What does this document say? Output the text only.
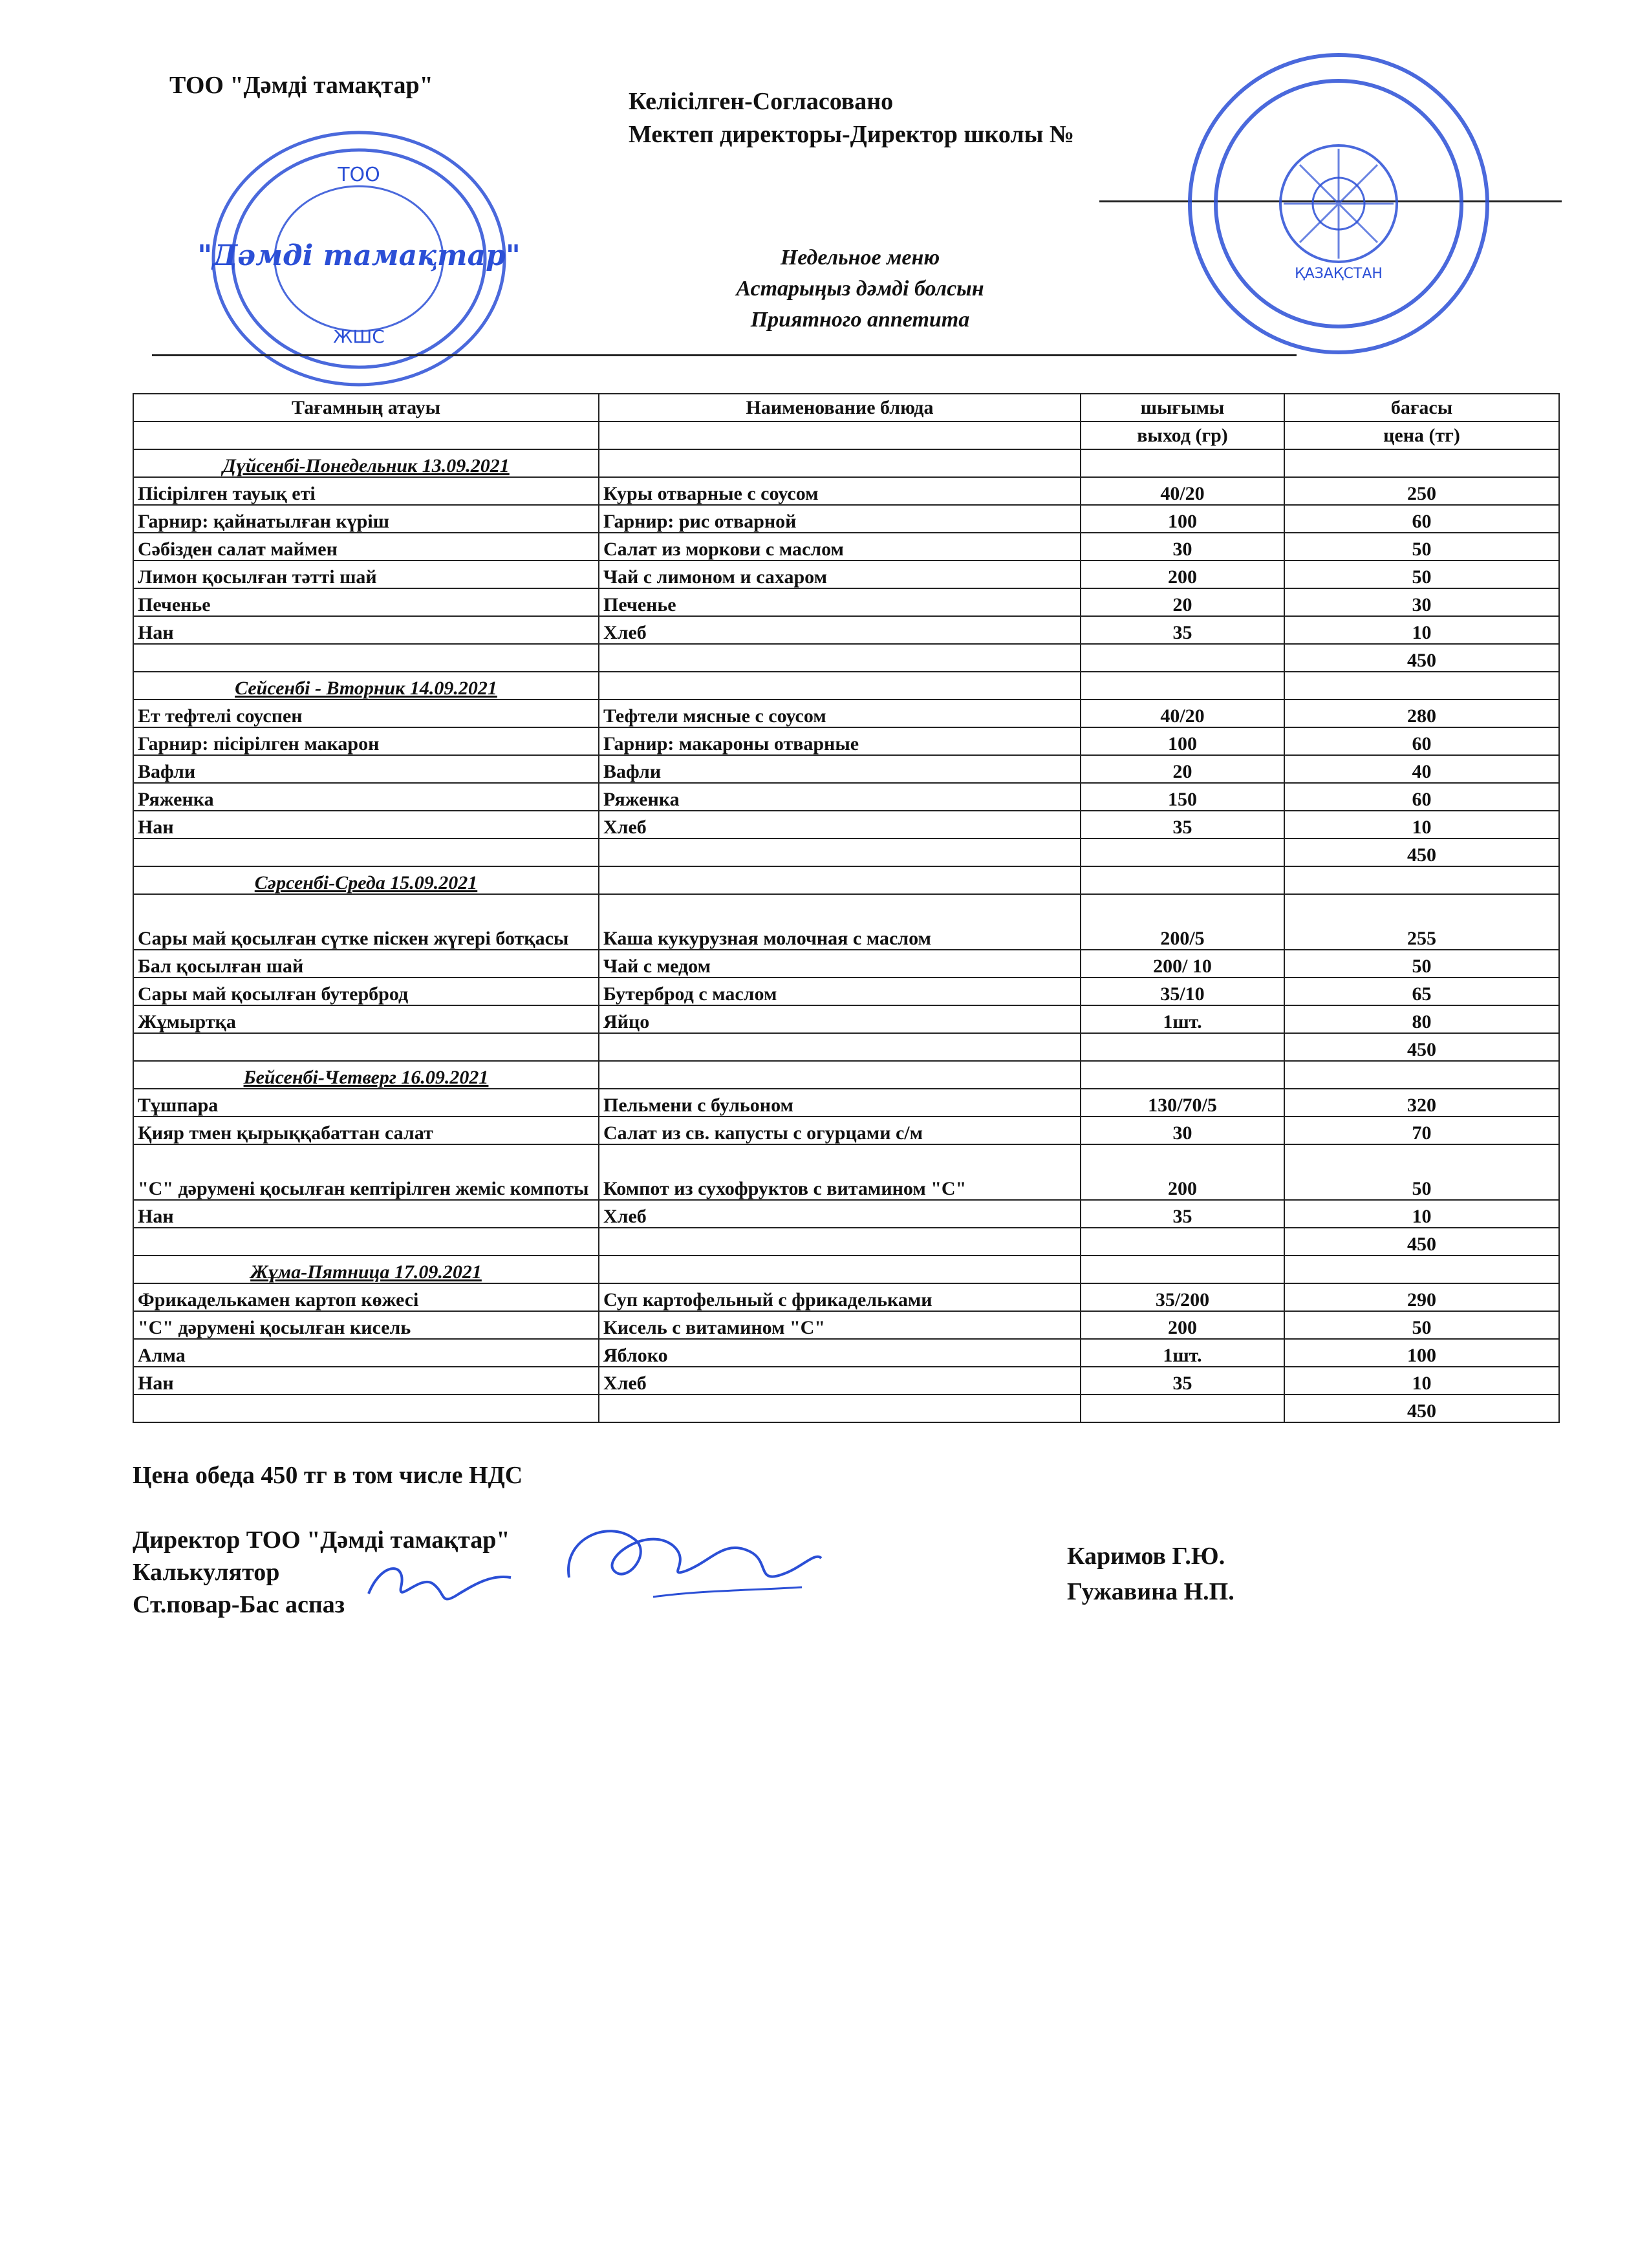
ТОО "Дәмді тамақтар"
Келісілген-Согласовано
Мектеп директоры-Директор школы №
ТОО
"Дәмді тамақтар"
ЖШС
ҚАЗАҚСТАН
Недельное меню
Астарыңыз дәмді болсын
Приятного аппетита
Тағамның атауы	Наименование блюда	шығымы	бағасы
		выход (гр)	цена (тг)
Дүйсенбі-Понедельник 13.09.2021			
Пісірілген тауық еті	Куры отварные с соусом	40/20	250
Гарнир: қайнатылған күріш	Гарнир: рис отварной	100	60
Сәбізден салат маймен	Салат из моркови с маслом	30	50
Лимон қосылған тәтті шай	Чай с лимоном и сахаром	200	50
Печенье	Печенье	20	30
Нан	Хлеб	35	10
			450
Сейсенбі - Вторник 14.09.2021			
Ет тефтелі соуспен	Тефтели мясные с соусом	40/20	280
Гарнир: пісірілген макарон	Гарнир: макароны отварные	100	60
Вафли	Вафли	20	40
Ряженка	Ряженка	150	60
Нан	Хлеб	35	10
			450
Сәрсенбі-Среда 15.09.2021			
Сары май қосылған сүтке піскен жүгері ботқасы	Каша кукурузная молочная с маслом	200/5	255
Бал қосылған шай	Чай с медом	200/ 10	50
Сары май қосылған бутерброд	Бутерброд с маслом	35/10	65
Жұмыртқа	Яйцо	1шт.	80
			450
Бейсенбі-Четверг 16.09.2021			
Тұшпара	Пельмени с бульоном	130/70/5	320
Қияр тмен қырыққабаттан салат	Салат из св. капусты с огурцами с/м	30	70
"С" дәрумені қосылған кептірілген жеміс компоты	Компот из сухофруктов с витамином "С"	200	50
Нан	Хлеб	35	10
			450
Жұма-Пятница 17.09.2021			
Фрикаделькамен картоп көжесі	Суп картофельный с фрикадельками	35/200	290
"С" дәрумені қосылған кисель	Кисель с витамином "С"	200	50
Алма	Яблоко	1шт.	100
Нан	Хлеб	35	10
			450
Цена обеда 450 тг в том числе НДС
Директор ТОО "Дәмді тамақтар"
Калькулятор
Ст.повар-Бас аспаз
Каримов Г.Ю.
Гужавина Н.П.
